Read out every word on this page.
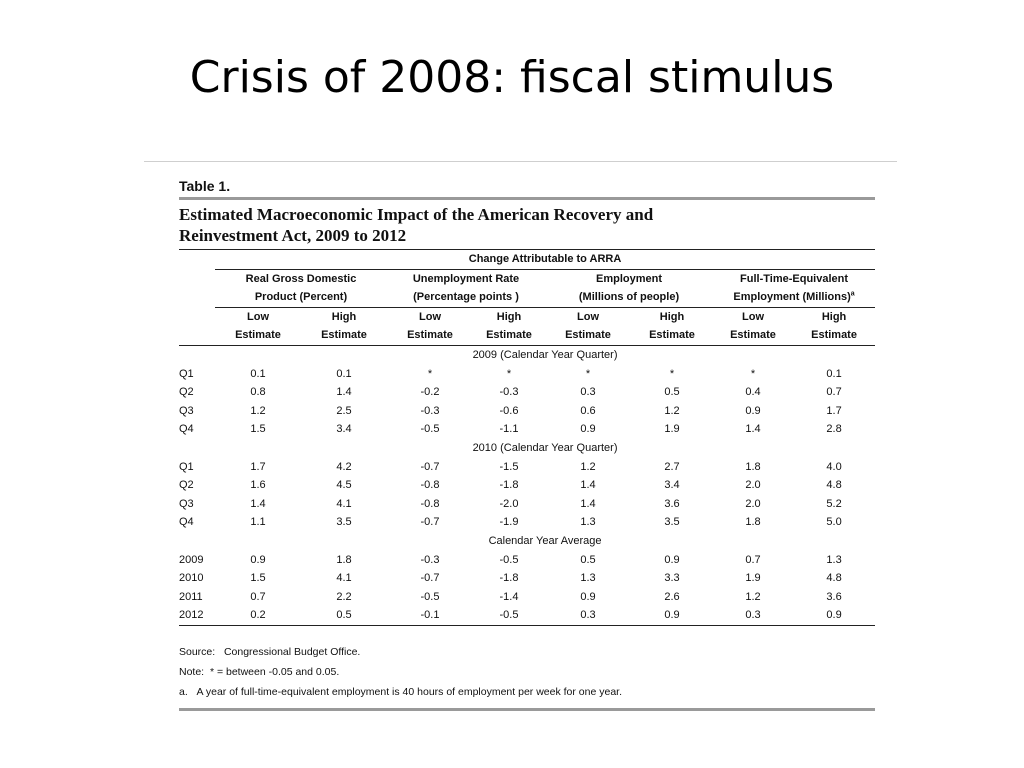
Crisis of 2008: fiscal stimulus
Table 1.
Estimated Macroeconomic Impact of the American Recovery and
Reinvestment Act, 2009 to 2012
	Change Attributable to ARRA							
	Real Gross Domestic		Unemployment Rate		Employment		Full-Time-Equivalent	
	Product (Percent)		(Percentage points )		(Millions of people)		Employment (Millions)$^a$
	Low	High	Low	High	Low	High	Low	High
	Estimate	Estimate	Estimate	Estimate	Estimate	Estimate	Estimate	Estimate
	2009 (Calendar Year Quarter)							
Q1	0.1	0.1	*	*	*	*	*	0.1
Q2	0.8	1.4	-0.2	-0.3	0.3	0.5	0.4	0.7
Q3	1.2	2.5	-0.3	-0.6	0.6	1.2	0.9	1.7
Q4	1.5	3.4	-0.5	-1.1	0.9	1.9	1.4	2.8
	2010 (Calendar Year Quarter)							
Q1	1.7	4.2	-0.7	-1.5	1.2	2.7	1.8	4.0
Q2	1.6	4.5	-0.8	-1.8	1.4	3.4	2.0	4.8
Q3	1.4	4.1	-0.8	-2.0	1.4	3.6	2.0	5.2
Q4	1.1	3.5	-0.7	-1.9	1.3	3.5	1.8	5.0
	Calendar Year Average							
2009	0.9	1.8	-0.3	-0.5	0.5	0.9	0.7	1.3
2010	1.5	4.1	-0.7	-1.8	1.3	3.3	1.9	4.8
2011	0.7	2.2	-0.5	-1.4	0.9	2.6	1.2	3.6
2012	0.2	0.5	-0.1	-0.5	0.3	0.9	0.3	0.9
Source: Congressional Budget Office.
Note: * = between -0.05 and 0.05.
a. A year of full-time-equivalent employment is 40 hours of employment per week for one year.
